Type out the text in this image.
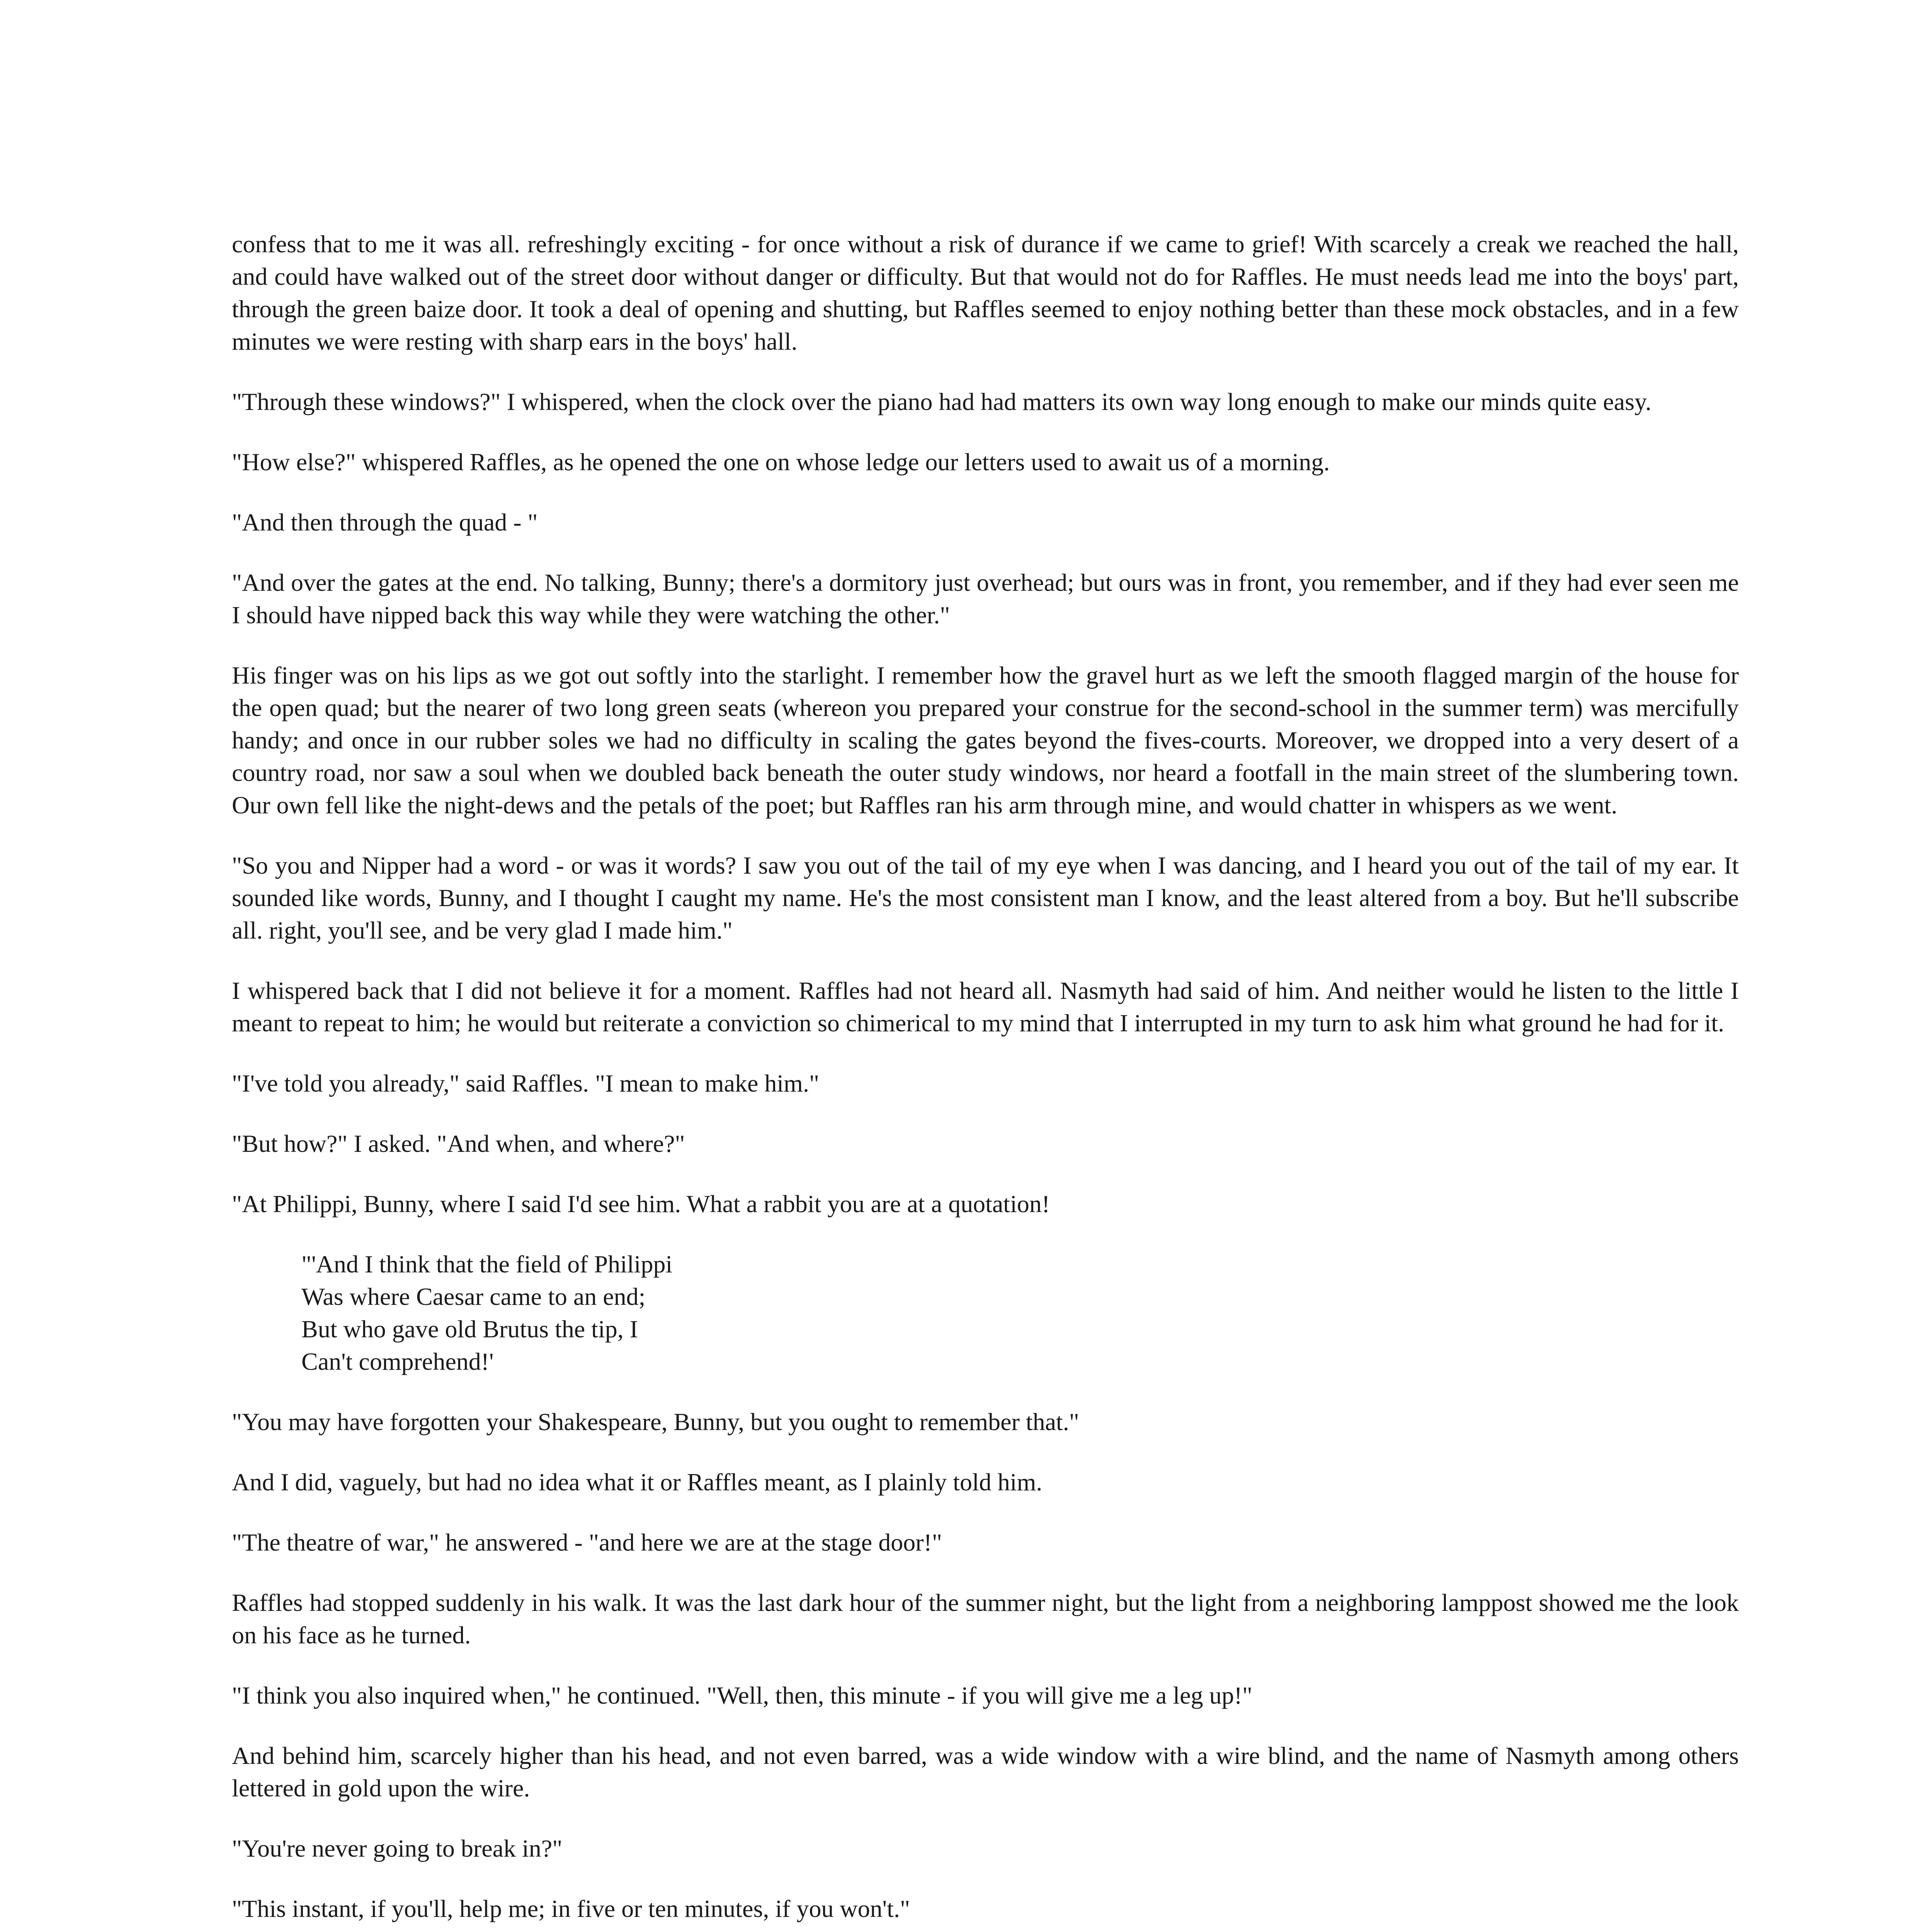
confess that to me it was all. refreshingly exciting - for once without a risk of durance if we came to grief! With scarcely a creak we reached the hall, and could have walked out of the street door without danger or difficulty. But that would not do for Raffles. He must needs lead me into the boys' part, through the green baize door. It took a deal of opening and shutting, but Raffles seemed to enjoy nothing better than these mock obstacles, and in a few minutes we were resting with sharp ears in the boys' hall.

"Through these windows?" I whispered, when the clock over the piano had had matters its own way long enough to make our minds quite easy.

"How else?" whispered Raffles, as he opened the one on whose ledge our letters used to await us of a morning.

"And then through the quad - "

"And over the gates at the end. No talking, Bunny; there's a dormitory just overhead; but ours was in front, you remember, and if they had ever seen me I should have nipped back this way while they were watching the other."

His finger was on his lips as we got out softly into the starlight. I remember how the gravel hurt as we left the smooth flagged margin of the house for the open quad; but the nearer of two long green seats (whereon you prepared your construe for the second-school in the summer term) was mercifully handy; and once in our rubber soles we had no difficulty in scaling the gates beyond the fives-courts. Moreover, we dropped into a very desert of a country road, nor saw a soul when we doubled back beneath the outer study windows, nor heard a footfall in the main street of the slumbering town. Our own fell like the night-dews and the petals of the poet; but Raffles ran his arm through mine, and would chatter in whispers as we went.

"So you and Nipper had a word - or was it words? I saw you out of the tail of my eye when I was dancing, and I heard you out of the tail of my ear. It sounded like words, Bunny, and I thought I caught my name. He's the most consistent man I know, and the least altered from a boy. But he'll subscribe all. right, you'll see, and be very glad I made him."

I whispered back that I did not believe it for a moment. Raffles had not heard all. Nasmyth had said of him. And neither would he listen to the little I meant to repeat to him; he would but reiterate a conviction so chimerical to my mind that I interrupted in my turn to ask him what ground he had for it.

"I've told you already," said Raffles. "I mean to make him."

"But how?" I asked. "And when, and where?"

"At Philippi, Bunny, where I said I'd see him. What a rabbit you are at a quotation!

"'And I think that the field of Philippi
Was where Caesar came to an end;
But who gave old Brutus the tip, I
Can't comprehend!'

"You may have forgotten your Shakespeare, Bunny, but you ought to remember that."

And I did, vaguely, but had no idea what it or Raffles meant, as I plainly told him.

"The theatre of war," he answered - "and here we are at the stage door!"

Raffles had stopped suddenly in his walk. It was the last dark hour of the summer night, but the light from a neighboring lamppost showed me the look on his face as he turned.

"I think you also inquired when," he continued. "Well, then, this minute - if you will give me a leg up!"

And behind him, scarcely higher than his head, and not even barred, was a wide window with a wire blind, and the name of Nasmyth among others lettered in gold upon the wire.

"You're never going to break in?"

"This instant, if you'll, help me; in five or ten minutes, if you won't."
